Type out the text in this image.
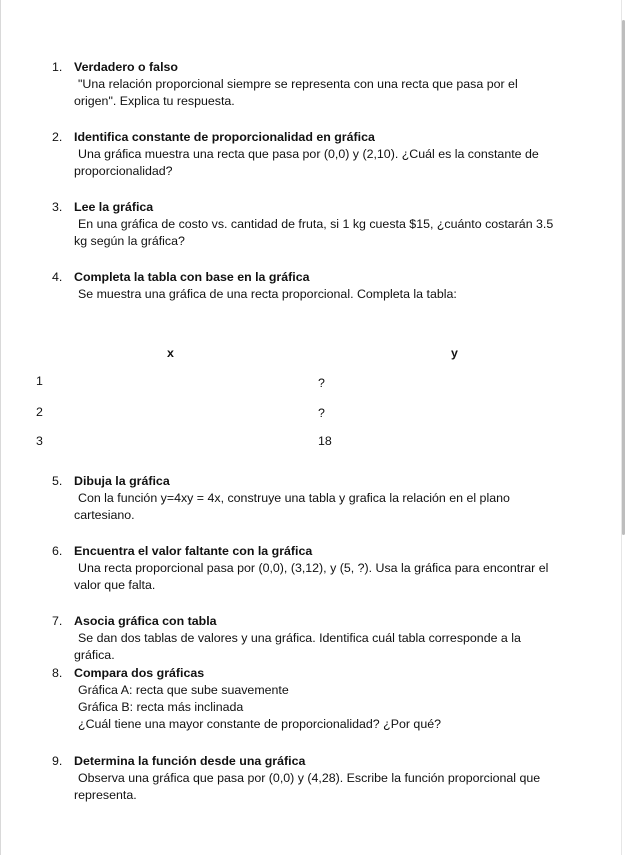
1. Verdadero o falso
"Una relación proporcional siempre se representa con una recta que pasa por el
origen". Explica tu respuesta.
2. Identifica constante de proporcionalidad en gráfica
Una gráfica muestra una recta que pasa por (0,0) y (2,10). ¿Cuál es la constante de
proporcionalidad?
3. Lee la gráfica
En una gráfica de costo vs. cantidad de fruta, si 1 kg cuesta $15, ¿cuánto costarán 3.5
kg según la gráfica?
4. Completa la tabla con base en la gráfica
Se muestra una gráfica de una recta proporcional. Completa la tabla:
x	y
1	?
2	?
3	18
5. Dibuja la gráfica
Con la función y=4xy = 4x, construye una tabla y grafica la relación en el plano
cartesiano.
6. Encuentra el valor faltante con la gráfica
Una recta proporcional pasa por (0,0), (3,12), y (5, ?). Usa la gráfica para encontrar el
valor que falta.
7. Asocia gráfica con tabla
Se dan dos tablas de valores y una gráfica. Identifica cuál tabla corresponde a la
gráfica.
8. Compara dos gráficas
Gráfica A: recta que sube suavemente
Gráfica B: recta más inclinada
¿Cuál tiene una mayor constante de proporcionalidad? ¿Por qué?
9. Determina la función desde una gráfica
Observa una gráfica que pasa por (0,0) y (4,28). Escribe la función proporcional que
representa.
